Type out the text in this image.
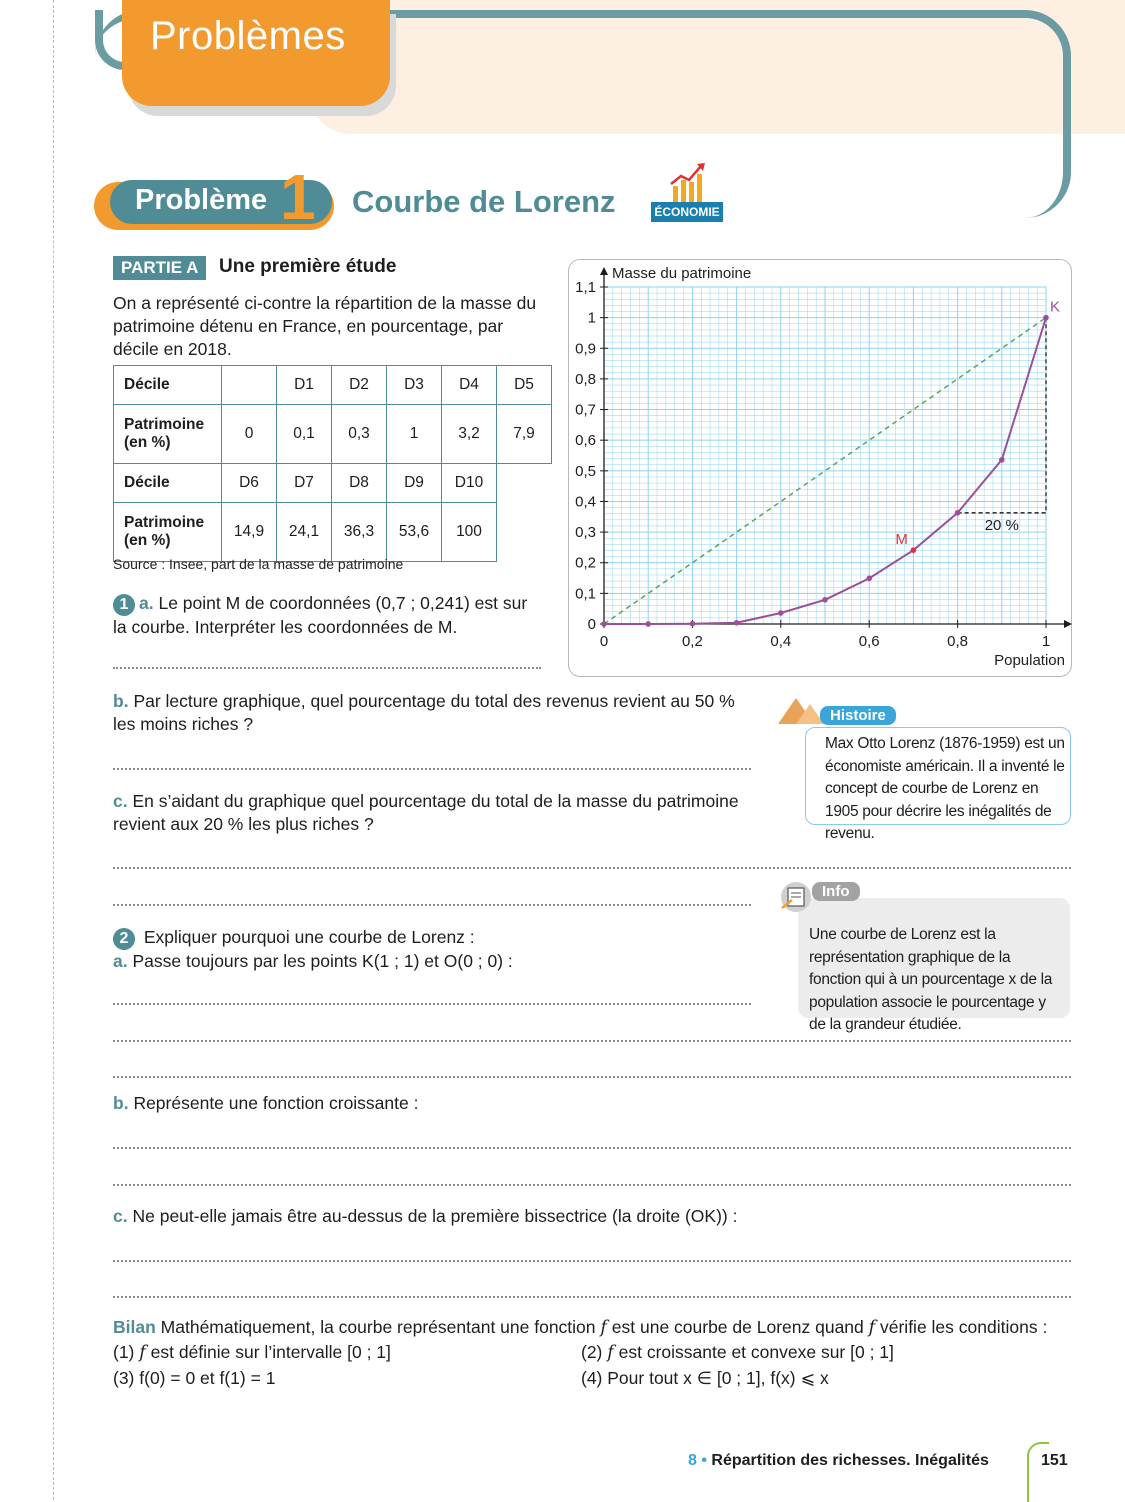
Problèmes
Problème 1 Courbe de Lorenz	ÉCONOMIE
PARTIE A	Une première étude
On a représenté ci-contre la répartition de la masse du patrimoine détenu en France, en pourcentage, par décile en 2018.
Décile		D1	D2	D3	D4	D5
Patrimoine (en %)	0	0,1	0,3	1	3,2	7,9
Décile	D6	D7	D8	D9	D10	
Patrimoine (en %)	14,9	24,1	36,3	53,6	100	
Source : Insee, part de la masse de patrimoine
1 a. Le point M de coordonnées (0,7 ; 0,241) est sur la courbe. Interpréter les coordonnées de M.
b. Par lecture graphique, quel pourcentage du total des revenus revient au 50 % les moins riches ?
c. En s’aidant du graphique quel pourcentage du total de la masse du patrimoine revient aux 20 % les plus riches ?
2 Expliquer pourquoi une courbe de Lorenz :
a. Passe toujours par les points K(1 ; 1) et O(0 ; 0) :
b. Représente une fonction croissante :
c. Ne peut-elle jamais être au-dessus de la première bissectrice (la droite (OK)) :
Bilan Mathématiquement, la courbe représentant une fonction f est une courbe de Lorenz quand f vérifie les conditions :
(1) f est définie sur l’intervalle [0 ; 1]	(2) f est croissante et convexe sur [0 ; 1]
(3) f(0) = 0 et f(1) = 1	(4) Pour tout x ∈ [0 ; 1], f(x) ⩽ x
0	0,2	0,4	0,6	0,8	1
0
0,1
0,2
0,3
0,4
0,5
0,6
0,7
0,8
0,9
1
1,1
K
M
20 %
Masse du patrimoine
Population
Histoire
Max Otto Lorenz (1876-1959) est un économiste américain. Il a inventé le concept de courbe de Lorenz en 1905 pour décrire les inégalités de revenu.
Info
Une courbe de Lorenz est la représentation graphique de la fonction qui à un pourcentage x de la population associe le pourcentage y de la grandeur étudiée.
8 • Répartition des richesses. Inégalités	151
